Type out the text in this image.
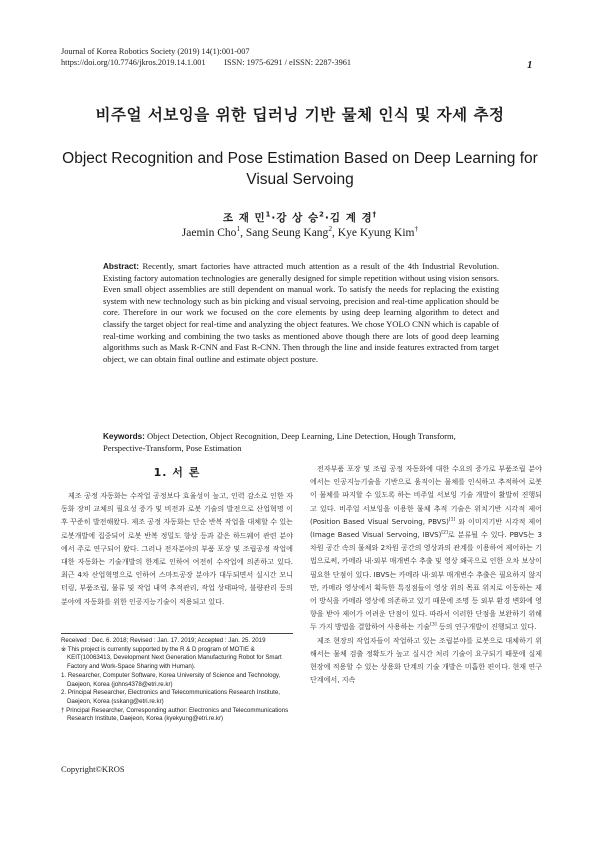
Journal of Korea Robotics Society (2019) 14(1):001-007
https://doi.org/10.7746/jkros.2019.14.1.001 ISSN: 1975-6291 / eISSN: 2287-3961	1
비주얼 서보잉을 위한 딥러닝 기반 물체 인식 및 자세 추정
Object Recognition and Pose Estimation Based on Deep Learning for Visual Servoing
조 재 민$^1$·강 상 승$^2$·김 계 경†
Jaemin Cho$^1$, Sang Seung Kang$^2$, Kye Kyung Kim†
Abstract: Recently, smart factories have attracted much attention as a result of the 4th Industrial Revolution. Existing factory automation technologies are generally designed for simple repetition without using vision sensors. Even small object assemblies are still dependent on manual work. To satisfy the needs for replacing the existing system with new technology such as bin picking and visual servoing, precision and real-time application should be core. Therefore in our work we focused on the core elements by using deep learning algorithm to detect and classify the target object for real-time and analyzing the object features. We chose YOLO CNN which is capable of real-time working and combining the two tasks as mentioned above though there are lots of good deep learning algorithms such as Mask R-CNN and Fast R-CNN. Then through the line and inside features extracted from target object, we can obtain final outline and estimate object posture.
Keywords: Object Detection, Object Recognition, Deep Learning, Line Detection, Hough Transform, Perspective-Transform, Pose Estimation
1. 서 론

제조 공정 자동화는 수작업 공정보다 효율성이 높고, 인력 감소로 인한 자동화 장비 교체의 필요성 증가 및 비전과 로봇 기술의 발전으로 산업혁명 이후 꾸준히 발전해왔다. 제조 공정 자동화는 단순 반복 작업을 대체할 수 있는 로봇개발에 집중되어 로봇 반복 정밀도 향상 등과 같은 하드웨어 관련 분야에서 주로 연구되어 왔다. 그러나 전자분야의 부품 포장 및 조립공정 작업에 대한 자동화는 기술개발의 한계로 인하여 여전히 수작업에 의존하고 있다. 최근 4차 산업혁명으로 인하여 스마트공장 분야가 대두되면서 실시간 모니터링, 부품조립, 물류 및 작업 내역 추적관리, 작업 상태파악, 불량관리 등의 분야에 자동화를 위한 인공지능기술이 적용되고 있다.

Received : Dec. 6. 2018; Revised : Jan. 17. 2019; Accepted : Jan. 25. 2019
※ This project is currently supported by the R & D program of MOTIE & KEIT(10063413, Development Next Generation Manufacturing Robot for Smart Factory and Work-Space Sharing with Human).
1. Researcher, Computer Software, Korea University of Science and Technology, Daejeon, Korea (johns4378@etri.re.kr)
2. Principal Researcher, Electronics and Telecommunications Research Institute, Daejeon, Korea (sskang@etri.re.kr)
† Principal Researcher, Corresponding author: Electronics and Telecommunications Research Institute, Daejeon, Korea (kyekyung@etri.re.kr)
Copyright©KROS

전자부품 포장 및 조립 공정 자동화에 대한 수요의 증가로 부품조립 분야에서는 인공지능기술을 기반으로 움직이는 물체를 인식하고 추적하여 로봇이 물체를 파지할 수 있도록 하는 비주얼 서보잉 기술 개발이 활발히 진행되고 있다. 비주얼 서보잉을 이용한 물체 추적 기술은 위치기반 시각적 제어(Position Based Visual Servoing, PBVS)[1] 와 이미지기반 시각적 제어(Image Based Visual Servoing, IBVS)[2]로 분류될 수 있다. PBVS는 3차원 공간 속의 물체와 2차원 공간의 영상과의 관계를 이용하여 제어하는 기법으로써, 카메라 내·외부 매개변수 추출 및 영상 왜곡으로 인한 오차 보상이 필요한 단점이 있다. IBVS는 카메라 내·외부 매개변수 추출은 필요하지 않지만, 카메라 영상에서 획득한 특징점들이 영상 위의 목표 위치로 이동하는 제어 방식을 카메라 영상에 의존하고 있기 때문에 조명 등 외부 환경 변화에 영향을 받아 제어가 어려운 단점이 있다. 따라서 이러한 단점을 보완하기 위해 두 가지 방법을 결합하여 사용하는 기술[3] 등의 연구개발이 진행되고 있다.

제조 현장의 작업자들이 작업하고 있는 조립분야를 로봇으로 대체하기 위해서는 물체 검출 정확도가 높고 실시간 처리 기술이 요구되기 때문에 실제 현장에 적용할 수 있는 상용화 단계의 기술 개발은 미흡한 편이다. 현재 연구단계에서, 지속
